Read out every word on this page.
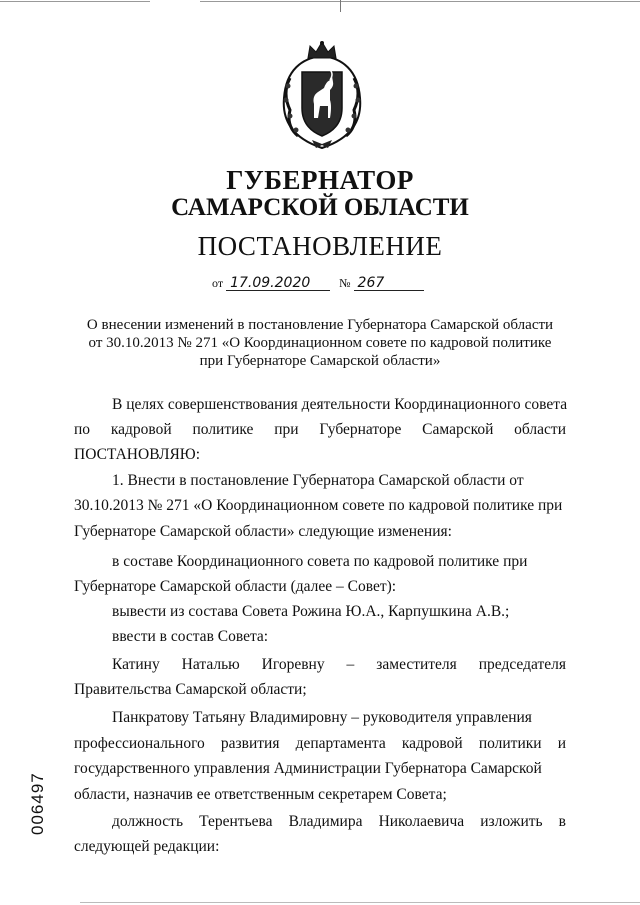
ГУБЕРНАТОР
САМАРСКОЙ ОБЛАСТИ
ПОСТАНОВЛЕНИЕ
от 17.09.2020 № 267
О внесении изменений в постановление Губернатора Самарской области
от 30.10.2013 № 271 «О Координационном совете по кадровой политике
при Губернаторе Самарской области»
В целях совершенствования деятельности Координационного совета
по кадровой политике при Губернаторе Самарской области
ПОСТАНОВЛЯЮ:
1. Внести в постановление Губернатора Самарской области от
30.10.2013 № 271 «О Координационном совете по кадровой политике при
Губернаторе Самарской области» следующие изменения:
в составе Координационного совета по кадровой политике при
Губернаторе Самарской области (далее – Совет):
вывести из состава Совета Рожина Ю.А., Карпушкина А.В.;
ввести в состав Совета:
Катину Наталью Игоревну – заместителя председателя
Правительства Самарской области;
Панкратову Татьяну Владимировну – руководителя управления
профессионального развития департамента кадровой политики и
государственного управления Администрации Губернатора Самарской
области, назначив ее ответственным секретарем Совета;
должность Терентьева Владимира Николаевича изложить в
следующей редакции:
006497
